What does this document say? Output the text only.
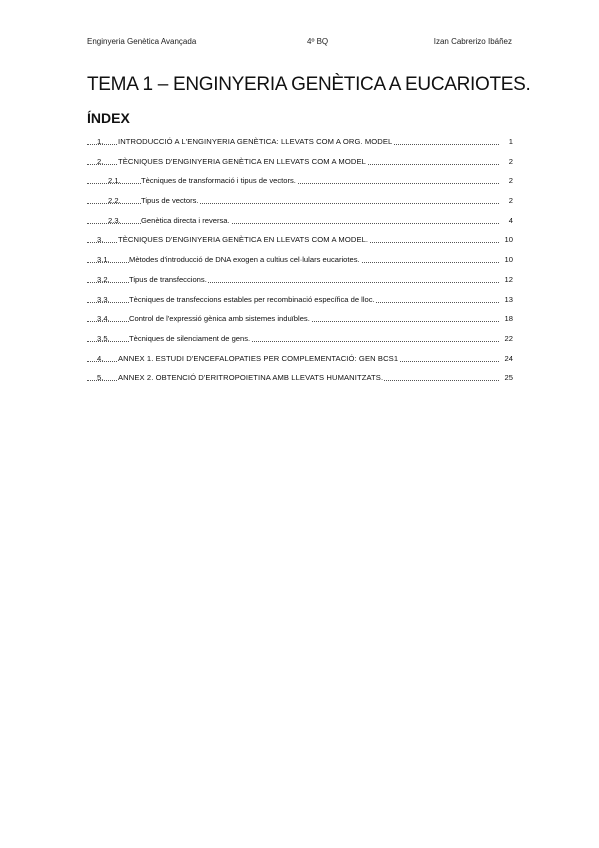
Enginyeria Genètica Avançada	4º BQ	Izan Cabrerizo Ibáñez
TEMA 1 – ENGINYERIA GENÈTICA A EUCARIOTES.
ÍNDEX
1. INTRODUCCIÓ A L'ENGINYERIA GENÈTICA: LLEVATS COM A ORG. MODEL	1
2. TÈCNIQUES D'ENGINYERIA GENÈTICA EN LLEVATS COM A MODEL	2
2.1.	Tècniques de transformació i tipus de vectors.	2
2.2.	Tipus de vectors.	2
2.3.	Genètica directa i reversa.	4
3. TÈCNIQUES D'ENGINYERIA GENÈTICA EN LLEVATS COM A MODEL.	10
3.1.	Mètodes d'introducció de DNA exogen a cultius cel·lulars eucariotes.	10
3.2.	Tipus de transfeccions.	12
3.3.	Tècniques de transfeccions estables per recombinació específica de lloc.	13
3.4.	Control de l'expressió gènica amb sistemes induïbles.	18
3.5.	Tècniques de silenciament de gens.	22
4. ANNEX 1. ESTUDI D'ENCEFALOPATIES PER COMPLEMENTACIÓ: GEN BCS1	24
5. ANNEX 2. OBTENCIÓ D'ERITROPOIETINA AMB LLEVATS HUMANITZATS.	25
